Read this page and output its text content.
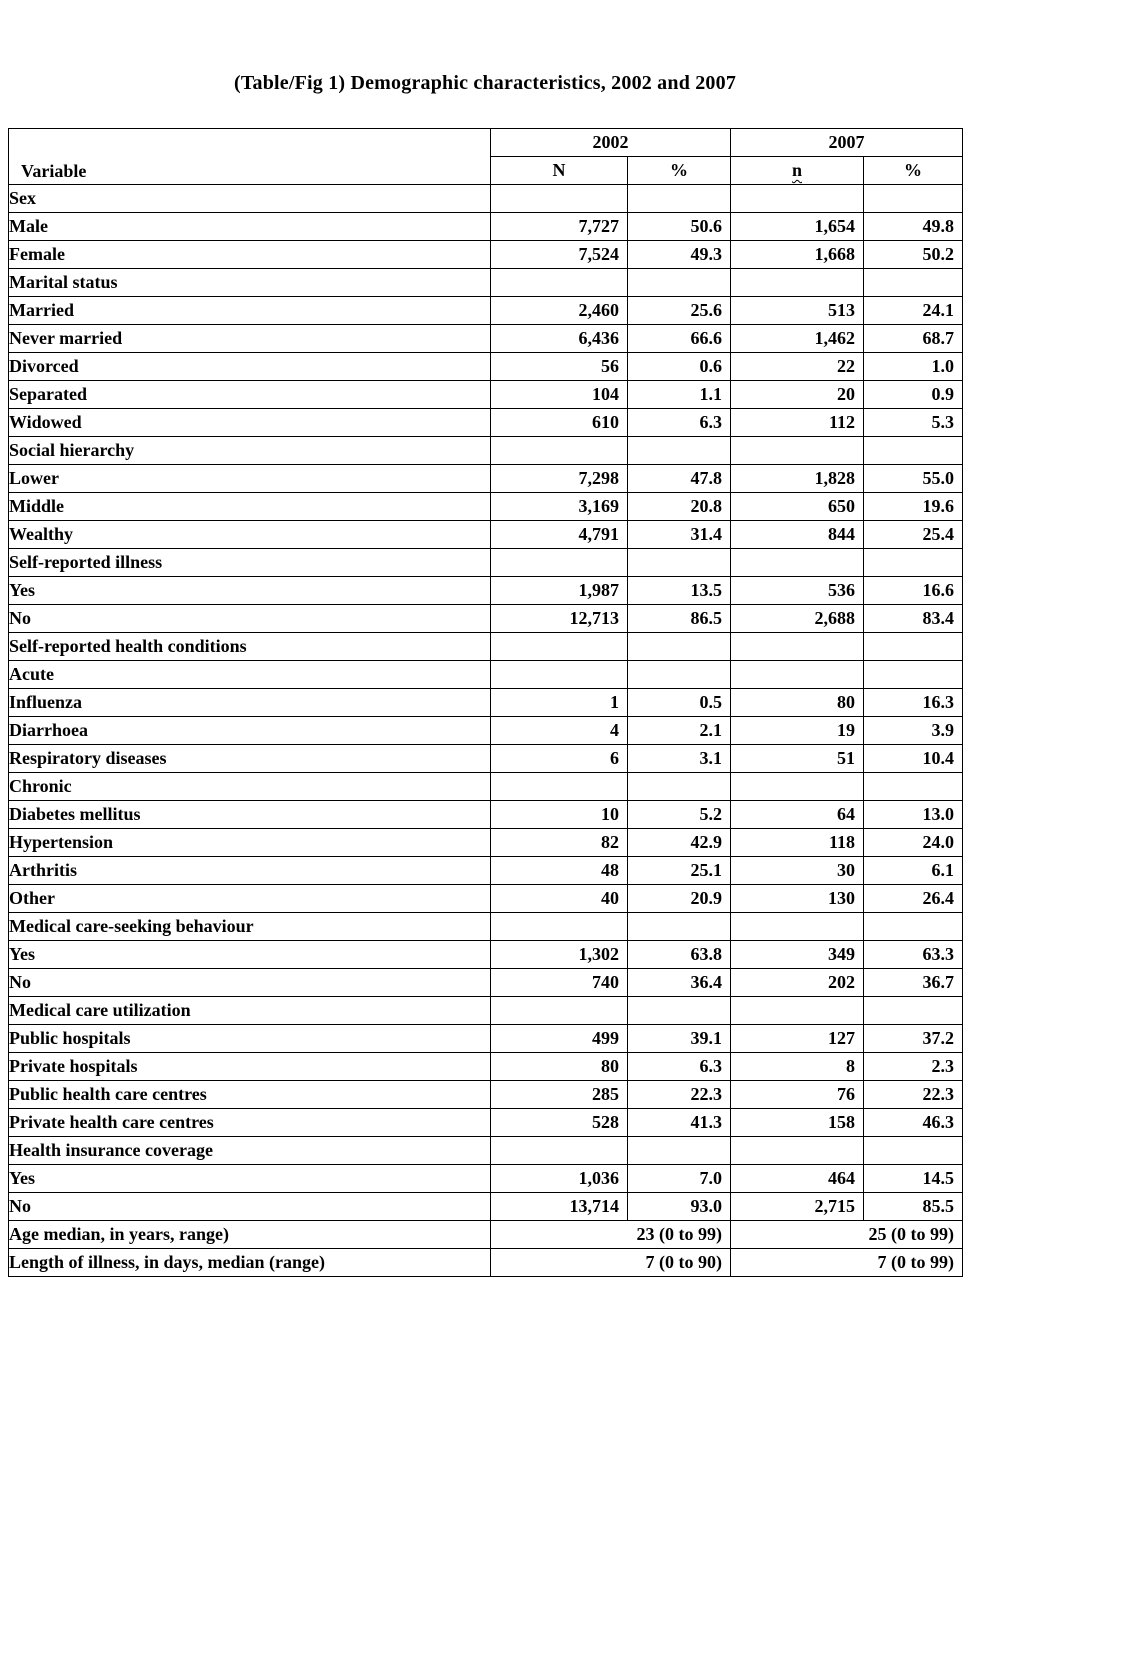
(Table/Fig 1) Demographic characteristics, 2002 and 2007
Variable	2002		2007	
	N	%	n	%
Sex				
Male	7,727	50.6	1,654	49.8
Female	7,524	49.3	1,668	50.2
Marital status				
Married	2,460	25.6	513	24.1
Never married	6,436	66.6	1,462	68.7
Divorced	56	0.6	22	1.0
Separated	104	1.1	20	0.9
Widowed	610	6.3	112	5.3
Social hierarchy				
Lower	7,298	47.8	1,828	55.0
Middle	3,169	20.8	650	19.6
Wealthy	4,791	31.4	844	25.4
Self-reported illness				
Yes	1,987	13.5	536	16.6
No	12,713	86.5	2,688	83.4
Self-reported health conditions				
Acute				
Influenza	1	0.5	80	16.3
Diarrhoea	4	2.1	19	3.9
Respiratory diseases	6	3.1	51	10.4
Chronic				
Diabetes mellitus	10	5.2	64	13.0
Hypertension	82	42.9	118	24.0
Arthritis	48	25.1	30	6.1
Other	40	20.9	130	26.4
Medical care-seeking behaviour				
Yes	1,302	63.8	349	63.3
No	740	36.4	202	36.7
Medical care utilization				
Public hospitals	499	39.1	127	37.2
Private hospitals	80	6.3	8	2.3
Public health care centres	285	22.3	76	22.3
Private health care centres	528	41.3	158	46.3
Health insurance coverage				
Yes	1,036	7.0	464	14.5
No	13,714	93.0	2,715	85.5
Age median, in years, range)	23 (0 to 99)		25 (0 to 99)	
Length of illness, in days, median (range)	7 (0 to 90)		7 (0 to 99)	
